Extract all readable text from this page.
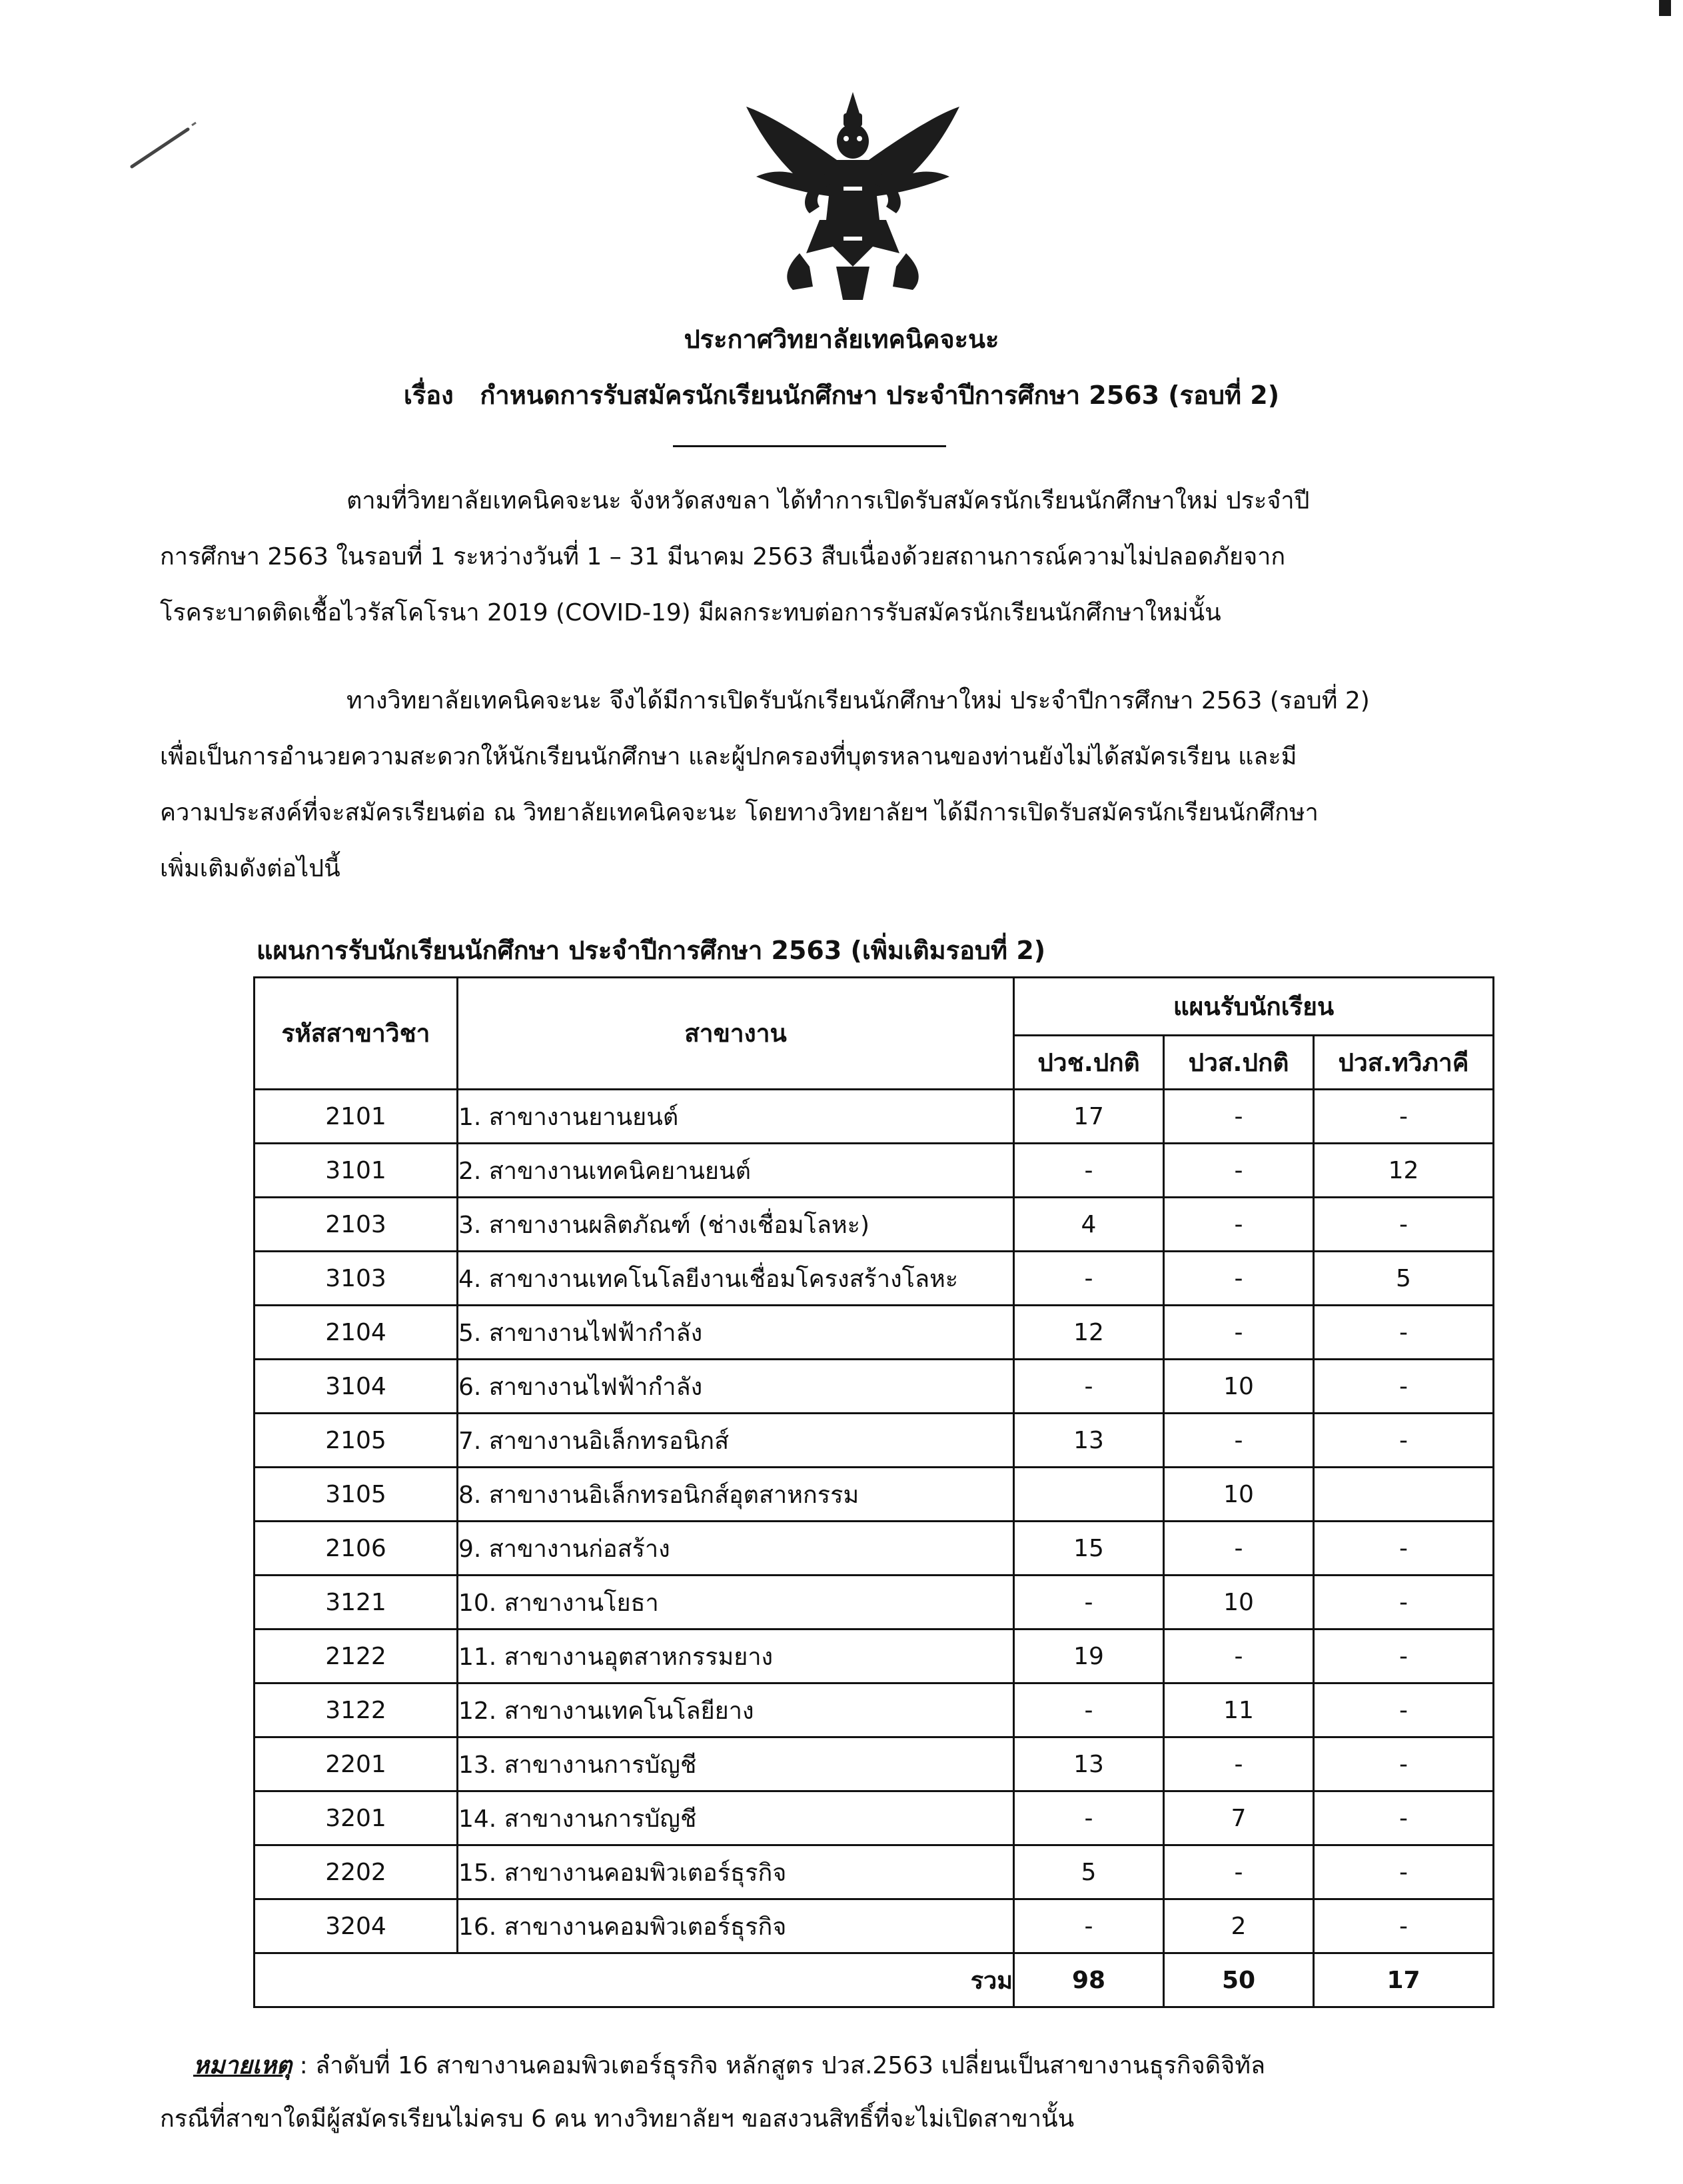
ประกาศวิทยาลัยเทคนิคจะนะ
เรื่อง กำหนดการรับสมัครนักเรียนนักศึกษา ประจำปีการศึกษา 2563 (รอบที่ 2)
ตามที่วิทยาลัยเทคนิคจะนะ จังหวัดสงขลา ได้ทำการเปิดรับสมัครนักเรียนนักศึกษาใหม่ ประจำปี
การศึกษา 2563 ในรอบที่ 1 ระหว่างวันที่ 1 – 31 มีนาคม 2563 สืบเนื่องด้วยสถานการณ์ความไม่ปลอดภัยจาก
โรคระบาดติดเชื้อไวรัสโคโรนา 2019 (COVID-19) มีผลกระทบต่อการรับสมัครนักเรียนนักศึกษาใหม่นั้น
ทางวิทยาลัยเทคนิคจะนะ จึงได้มีการเปิดรับนักเรียนนักศึกษาใหม่ ประจำปีการศึกษา 2563 (รอบที่ 2)
เพื่อเป็นการอำนวยความสะดวกให้นักเรียนนักศึกษา และผู้ปกครองที่บุตรหลานของท่านยังไม่ได้สมัครเรียน และมี
ความประสงค์ที่จะสมัครเรียนต่อ ณ วิทยาลัยเทคนิคจะนะ โดยทางวิทยาลัยฯ ได้มีการเปิดรับสมัครนักเรียนนักศึกษา
เพิ่มเติมดังต่อไปนี้
แผนการรับนักเรียนนักศึกษา ประจำปีการศึกษา 2563 (เพิ่มเติมรอบที่ 2)
รหัสสาขาวิชา	สาขางาน	แผนรับนักเรียน		
		ปวช.ปกติ	ปวส.ปกติ	ปวส.ทวิภาคี
2101	1. สาขางานยานยนต์	17	-	-
3101	2. สาขางานเทคนิคยานยนต์	-	-	12
2103	3. สาขางานผลิตภัณฑ์ (ช่างเชื่อมโลหะ)	4	-	-
3103	4. สาขางานเทคโนโลยีงานเชื่อมโครงสร้างโลหะ	-	-	5
2104	5. สาขางานไฟฟ้ากำลัง	12	-	-
3104	6. สาขางานไฟฟ้ากำลัง	-	10	-
2105	7. สาขางานอิเล็กทรอนิกส์	13	-	-
3105	8. สาขางานอิเล็กทรอนิกส์อุตสาหกรรม		10	
2106	9. สาขางานก่อสร้าง	15	-	-
3121	10. สาขางานโยธา	-	10	-
2122	11. สาขางานอุตสาหกรรมยาง	19	-	-
3122	12. สาขางานเทคโนโลยียาง	-	11	-
2201	13. สาขางานการบัญชี	13	-	-
3201	14. สาขางานการบัญชี	-	7	-
2202	15. สาขางานคอมพิวเตอร์ธุรกิจ	5	-	-
3204	16. สาขางานคอมพิวเตอร์ธุรกิจ	-	2	-
รวม		98	50	17
หมายเหตุ : ลำดับที่ 16 สาขางานคอมพิวเตอร์ธุรกิจ หลักสูตร ปวส.2563 เปลี่ยนเป็นสาขางานธุรกิจดิจิทัล
กรณีที่สาขาใดมีผู้สมัครเรียนไม่ครบ 6 คน ทางวิทยาลัยฯ ขอสงวนสิทธิ์ที่จะไม่เปิดสาขานั้น
